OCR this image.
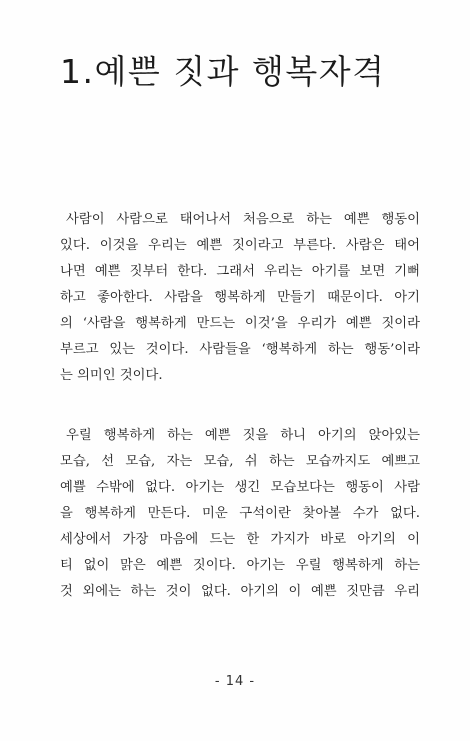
1.예쁜 짓과 행복자격
사람이 사람으로 태어나서 처음으로 하는 예쁜 행동이
있다. 이것을 우리는 예쁜 짓이라고 부른다. 사람은 태어
나면 예쁜 짓부터 한다. 그래서 우리는 아기를 보면 기뻐
하고 좋아한다. 사람을 행복하게 만들기 때문이다. 아기
의 ‘사람을 행복하게 만드는 이것’을 우리가 예쁜 짓이라
부르고 있는 것이다. 사람들을 ‘행복하게 하는 행동’이라
는 의미인 것이다.
우릴 행복하게 하는 예쁜 짓을 하니 아기의 앉아있는
모습, 선 모습, 자는 모습, 쉬 하는 모습까지도 예쁘고
예쁠 수밖에 없다. 아기는 생긴 모습보다는 행동이 사람
을 행복하게 만든다. 미운 구석이란 찾아볼 수가 없다.
세상에서 가장 마음에 드는 한 가지가 바로 아기의 이
티 없이 맑은 예쁜 짓이다. 아기는 우릴 행복하게 하는
것 외에는 하는 것이 없다. 아기의 이 예쁜 짓만큼 우리

- 14 -
